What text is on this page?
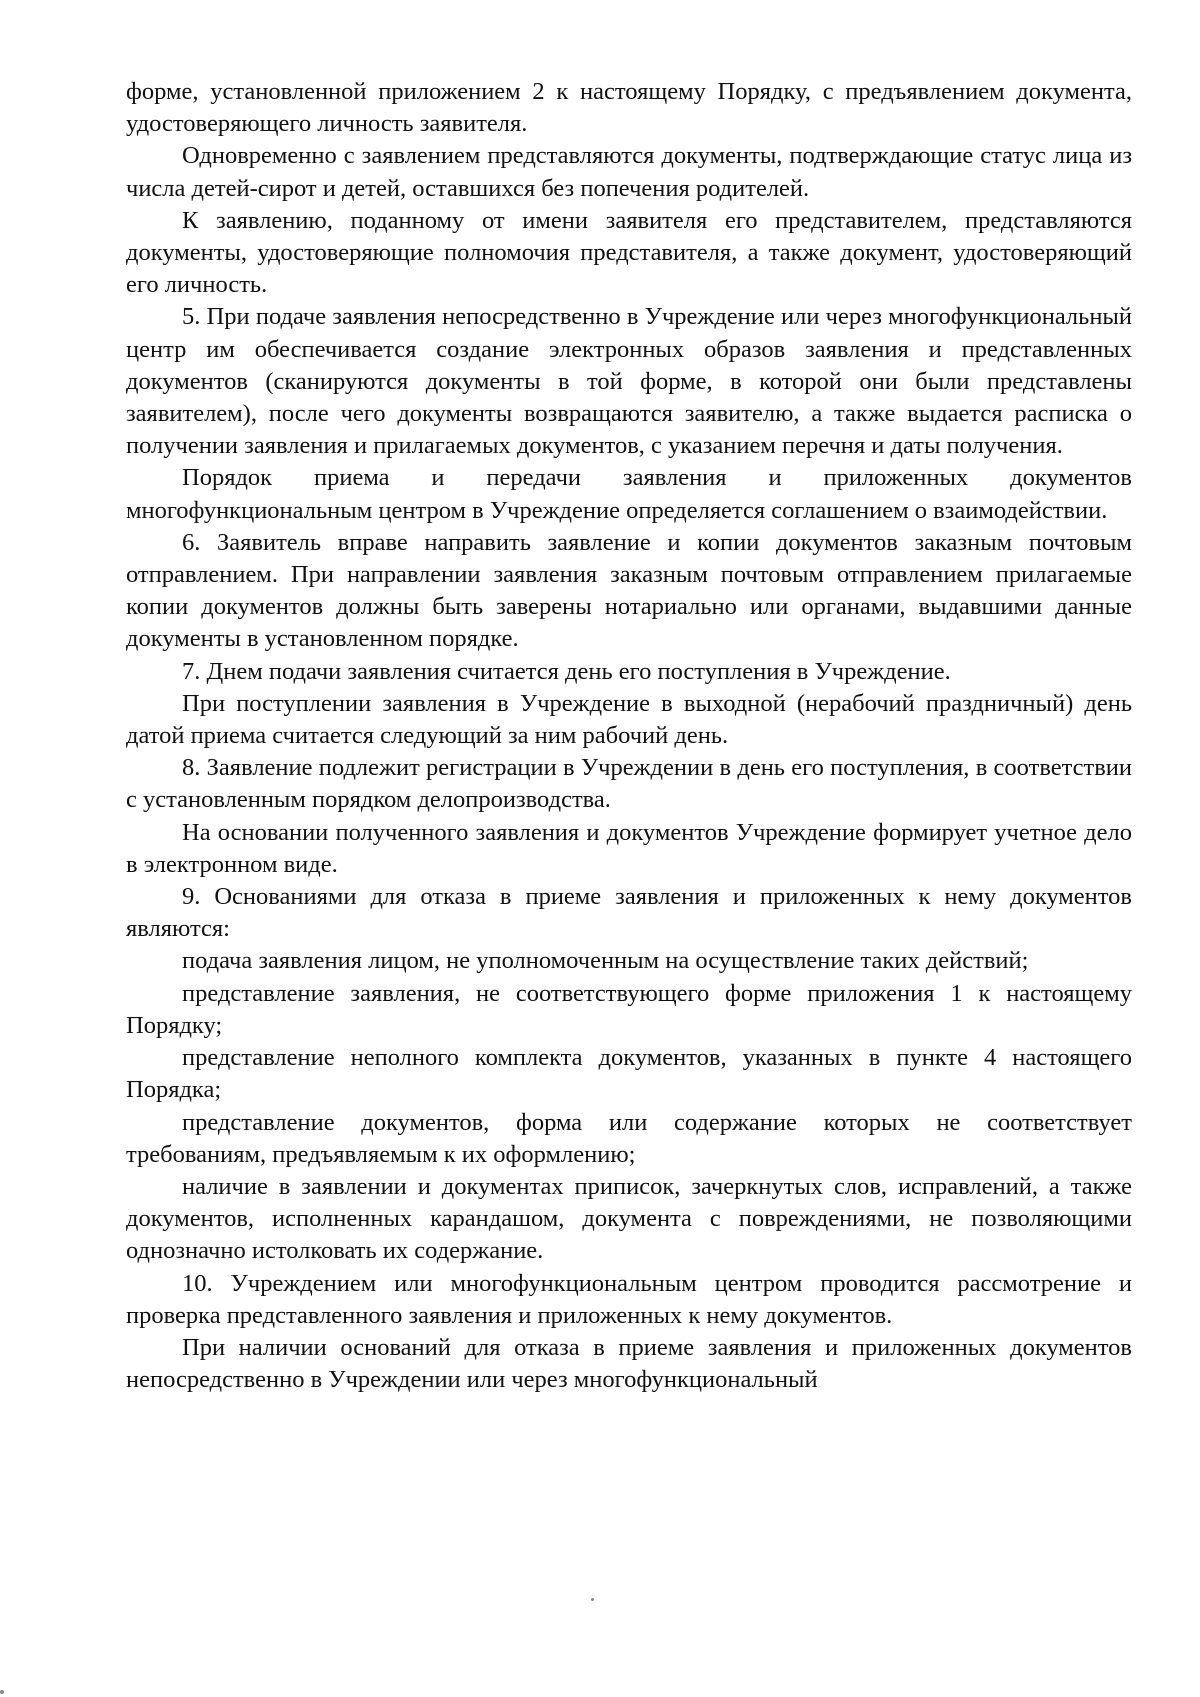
форме, установленной приложением 2 к настоящему Порядку, с предъявлением документа, удостоверяющего личность заявителя.

Одновременно с заявлением представляются документы, подтверждающие статус лица из числа детей-сирот и детей, оставшихся без попечения родителей.

К заявлению, поданному от имени заявителя его представителем, представляются документы, удостоверяющие полномочия представителя, а также документ, удостоверяющий его личность.

5. При подаче заявления непосредственно в Учреждение или через многофункциональный центр им обеспечивается создание электронных образов заявления и представленных документов (сканируются документы в той форме, в которой они были представлены заявителем), после чего документы возвращаются заявителю, а также выдается расписка о получении заявления и прилагаемых документов, с указанием перечня и даты получения.

Порядок приема и передачи заявления и приложенных документов многофункциональным центром в Учреждение определяется соглашением о взаимодействии.

6. Заявитель вправе направить заявление и копии документов заказным почтовым отправлением. При направлении заявления заказным почтовым отправлением прилагаемые копии документов должны быть заверены нотариально или органами, выдавшими данные документы в установленном порядке.

7. Днем подачи заявления считается день его поступления в Учреждение.

При поступлении заявления в Учреждение в выходной (нерабочий праздничный) день датой приема считается следующий за ним рабочий день.

8. Заявление подлежит регистрации в Учреждении в день его поступления, в соответствии с установленным порядком делопроизводства.

На основании полученного заявления и документов Учреждение формирует учетное дело в электронном виде.

9. Основаниями для отказа в приеме заявления и приложенных к нему документов являются:

подача заявления лицом, не уполномоченным на осуществление таких действий;

представление заявления, не соответствующего форме приложения 1 к настоящему Порядку;

представление неполного комплекта документов, указанных в пункте 4 настоящего Порядка;

представление документов, форма или содержание которых не соответствует требованиям, предъявляемым к их оформлению;

наличие в заявлении и документах приписок, зачеркнутых слов, исправлений, а также документов, исполненных карандашом, документа с повреждениями, не позволяющими однозначно истолковать их содержание.

10. Учреждением или многофункциональным центром проводится рассмотрение и проверка представленного заявления и приложенных к нему документов.

При наличии оснований для отказа в приеме заявления и приложенных документов непосредственно в Учреждении или через многофункциональный
